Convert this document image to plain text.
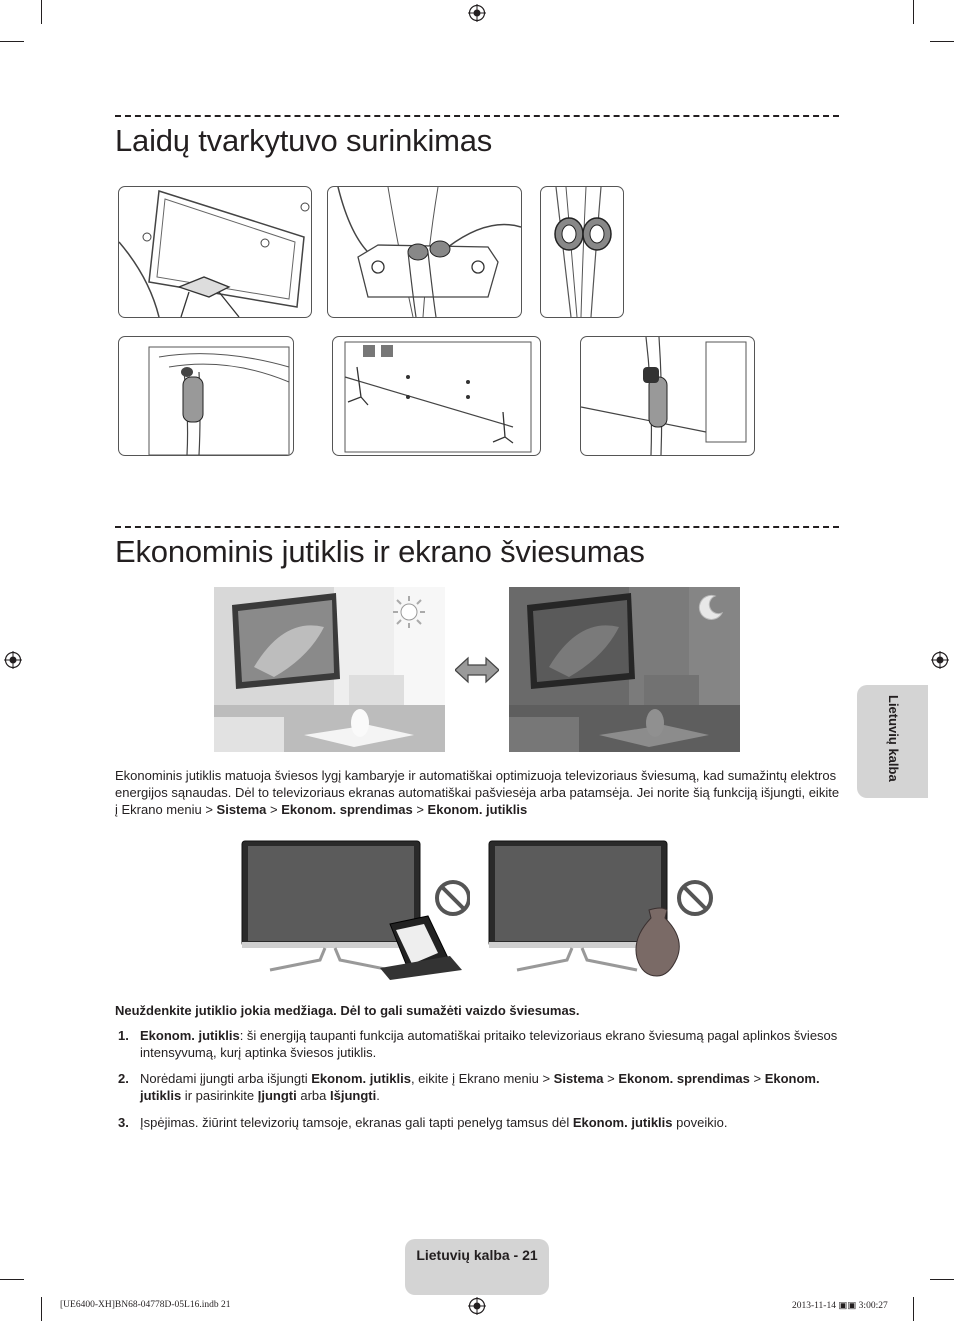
Laidų tvarkytuvo surinkimas
Ekonominis jutiklis ir ekrano šviesumas
Ekonominis jutiklis matuoja šviesos lygį kambaryje ir automatiškai optimizuoja televizoriaus šviesumą, kad sumažintų elektros energijos sąnaudas. Dėl to televizoriaus ekranas automatiškai pašviesėja arba patamsėja. Jei norite šią funkciją išjungti, eikite į Ekrano meniu > Sistema > Ekonom. sprendimas > Ekonom. jutiklis
Neuždenkite jutiklio jokia medžiaga. Dėl to gali sumažėti vaizdo šviesumas.
1. Ekonom. jutiklis: ši energiją taupanti funkcija automatiškai pritaiko televizoriaus ekrano šviesumą pagal aplinkos šviesos intensyvumą, kurį aptinka šviesos jutiklis.
2. Norėdami įjungti arba išjungti Ekonom. jutiklis, eikite į Ekrano meniu > Sistema > Ekonom. sprendimas > Ekonom. jutiklis ir pasirinkite Įjungti arba Išjungti.
3. Įspėjimas. žiūrint televizorių tamsoje, ekranas gali tapti penelyg tamsus dėl Ekonom. jutiklis poveikio.
Lietuvių kalba
Lietuvių kalba - 21
[UE6400-XH]BN68-04778D-05L16.indb 21	2013-11-14 ▣▣ 3:00:27
